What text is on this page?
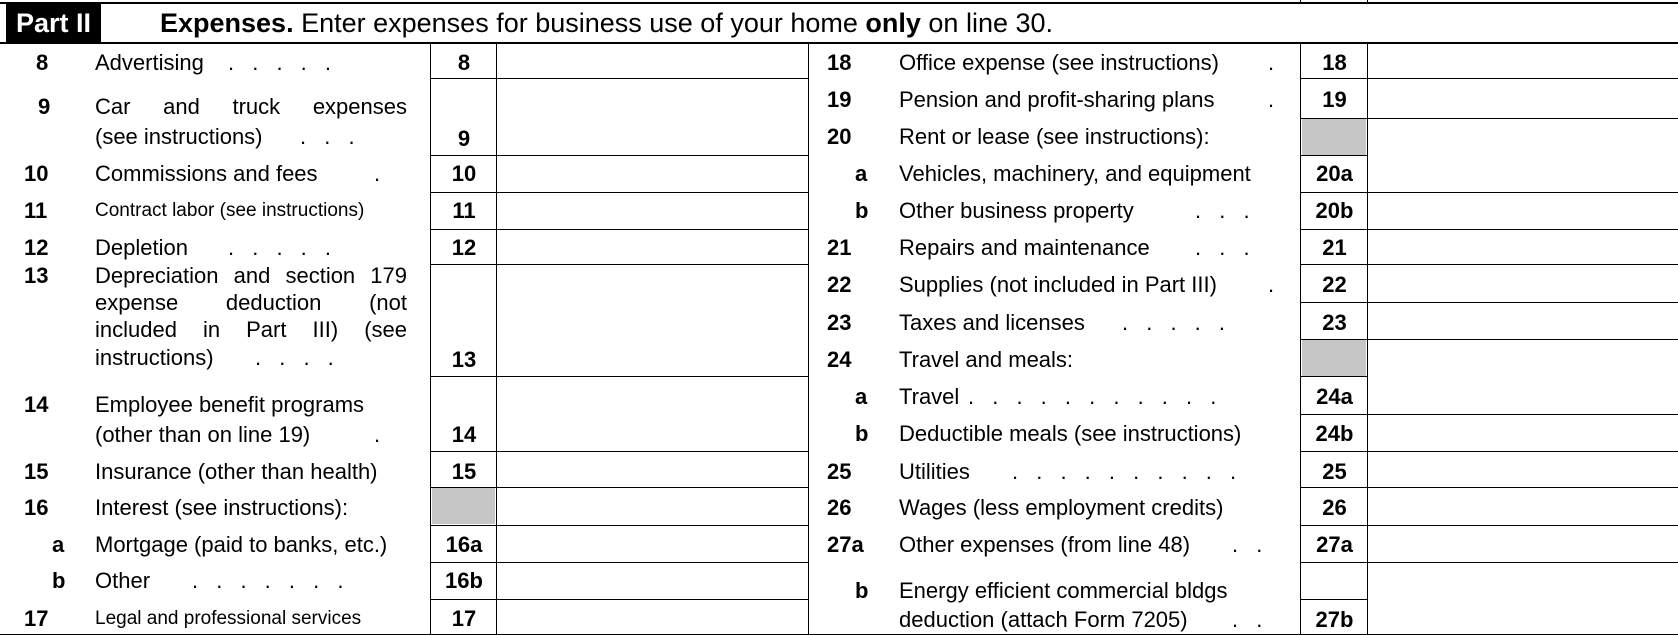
Part II	Expenses. Enter expenses for business use of your home only on line 30.
8 Advertising . . . . .	8
9 Car and truck expenses
(see instructions) . . .	9
10 Commissions and fees	.	10
11	Contract labor (see instructions)	11
12 Depletion . . . . .	12
13 Depreciation and section 179
expense deduction (not
included in Part III) (see
instructions) . . . .	13
14 Employee benefit programs
(other than on line 19)	.	14
15 Insurance (other than health)	15
16 Interest (see instructions):
a Mortgage (paid to banks, etc.)	16a
b Other . . . . . . .	16b
17 Legal and professional services	17
18 Office expense (see instructions) .	18
19 Pension and profit-sharing plans .	19
20 Rent or lease (see instructions):
a Vehicles, machinery, and equipment	20a
b Other business property	. . .	20b
21 Repairs and maintenance . . .	21
22 Supplies (not included in Part III) .	22
23 Taxes and licenses . . . . .	23
24 Travel and meals:
a Travel . . . . . . . . . . .	24a
b Deductible meals (see instructions)	24b
25 Utilities . . . . . . . . . .	25
26 Wages (less employment credits)	26
27a Other expenses (from line 48) . .	27a
b Energy efficient commercial bldgs
deduction (attach Form 7205) . .	27b
